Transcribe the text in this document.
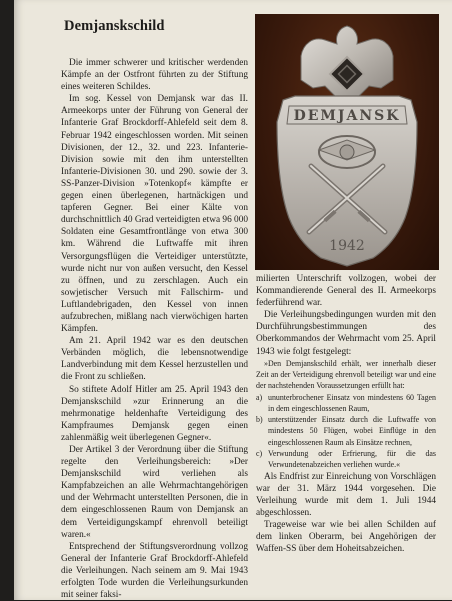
Demjanskschild
DEMJANSK
1942

Die immer schwerer und kritischer werdenden Kämpfe an der Ostfront führten zu der Stiftung eines weiteren Schildes.

Im sog. Kessel von Demjansk war das II. Armeekorps unter der Führung von General der Infanterie Graf Brockdorff-Ahlefeld seit dem 8. Februar 1942 eingeschlossen worden. Mit seinen Divisionen, der 12., 32. und 223. Infanterie-Division sowie mit den ihm unterstellten Infanterie-Divisionen 30. und 290. sowie der 3. SS-Panzer-Division »Totenkopf« kämpfte er gegen einen überlegenen, hartnäckigen und tapferen Gegner. Bei einer Kälte von durchschnittlich 40 Grad verteidigten etwa 96 000 Soldaten eine Gesamtfrontlänge von etwa 300 km. Während die Luftwaffe mit ihren Versorgungsflügen die Verteidiger unterstützte, wurde nicht nur von außen versucht, den Kessel zu öffnen, und zu zerschlagen. Auch ein sowjetischer Versuch mit Fallschirm- und Luftlandebrigaden, den Kessel von innen aufzubrechen, mißlang nach vierwöchigen harten Kämpfen.

Am 21. April 1942 war es den deutschen Verbänden möglich, die lebensnotwendige Landverbindung mit dem Kessel herzustellen und die Front zu schließen.

So stiftete Adolf Hitler am 25. April 1943 den Demjanskschild »zur Erinnerung an die mehrmonatige heldenhafte Verteidigung des Kampfraumes Demjansk gegen einen zahlenmäßig weit überlegenen Gegner«.

Der Artikel 3 der Verordnung über die Stiftung regelte den Verleihungsbereich: »Der Demjanskschild wird verliehen als Kampfabzeichen an alle Wehrmachtangehörigen und der Wehrmacht unterstellten Personen, die in dem eingeschlossenen Raum von Demjansk an dem Verteidigungskampf ehrenvoll beteiligt waren.«

Entsprechend der Stiftungsverordnung vollzog General der Infanterie Graf Brockdorff-Ahlefeld die Verleihungen. Nach seinem am 9. Mai 1943 erfolgten Tode wurden die Verleihungsurkunden mit seiner faksi-

milierten Unterschrift vollzogen, wobei der Kommandierende General des II. Armeekorps federführend war.

Die Verleihungsbedingungen wurden mit den Durchführungsbestimmungen des Oberkommandos der Wehrmacht vom 25. April 1943 wie folgt festgelegt:

»Den Demjanskschild erhält, wer innerhalb dieser Zeit an der Verteidigung ehrenvoll beteiligt war und eine der nachstehenden Voraussetzungen erfüllt hat:

a) ununterbrochener Einsatz von mindestens 60 Tagen in dem eingeschlossenen Raum,
b) unterstützender Einsatz durch die Luftwaffe von mindestens 50 Flügen, wobei Einflüge in den eingeschlossenen Raum als Einsätze rechnen,
c) Verwundung oder Erfrierung, für die das Verwundetenabzeichen verliehen wurde.«

Als Endfrist zur Einreichung von Vorschlägen war der 31. März 1944 vorgesehen. Die Verleihung wurde mit dem 1. Juli 1944 abgeschlossen.

Trageweise war wie bei allen Schilden auf dem linken Oberarm, bei Angehörigen der Waffen-SS über dem Hoheitsabzeichen.
